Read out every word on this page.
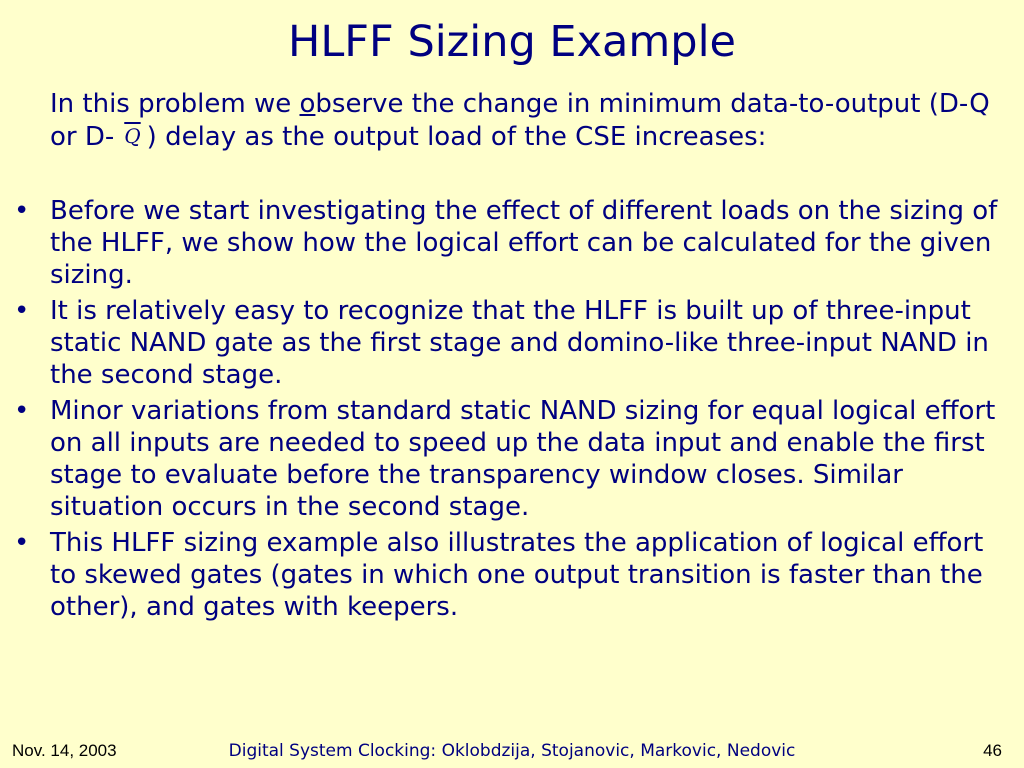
HLFF Sizing Example

In this problem we observe the change in minimum data-to-output (D-Q or D- $\overline{Q}$ ) delay as the output load of the CSE increases:

• Before we start investigating the effect of different loads on the sizing of the HLFF, we show how the logical effort can be calculated for the given sizing.
• It is relatively easy to recognize that the HLFF is built up of three-input static NAND gate as the first stage and domino-like three-input NAND in the second stage.
• Minor variations from standard static NAND sizing for equal logical effort on all inputs are needed to speed up the data input and enable the first stage to evaluate before the transparency window closes. Similar situation occurs in the second stage.
• This HLFF sizing example also illustrates the application of logical effort to skewed gates (gates in which one output transition is faster than the other), and gates with keepers.
Nov. 14, 2003	Digital System Clocking: Oklobdzija, Stojanovic, Markovic, Nedovic	46
